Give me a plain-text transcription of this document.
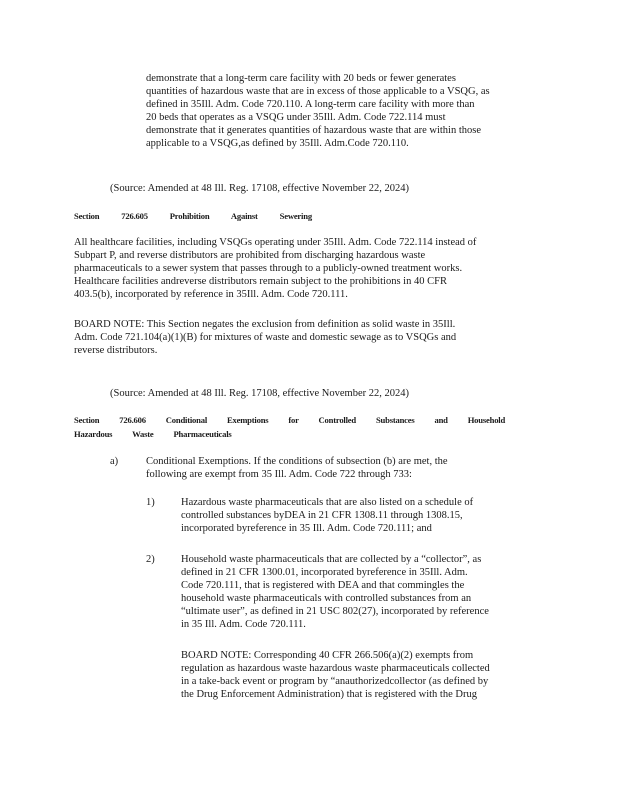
demonstrate that a long-term care facility with 20 beds or fewer generates
quantities of hazardous waste that are in excess of those applicable to a VSQG, as
defined in 35Ill. Adm. Code 720.110. A long-term care facility with more than
20 beds that operates as a VSQG under 35Ill. Adm. Code 722.114 must
demonstrate that it generates quantities of hazardous waste that are within those
applicable to a VSQG,as defined by 35Ill. Adm.Code 720.110.
(Source: Amended at 48 Ill. Reg. 17108, effective November 22, 2024)
Section 726.605 Prohibition Against Sewering
All healthcare facilities, including VSQGs operating under 35Ill. Adm. Code 722.114 instead of
Subpart P, and reverse distributors are prohibited from discharging hazardous waste
pharmaceuticals to a sewer system that passes through to a publicly-owned treatment works.
Healthcare facilities andreverse distributors remain subject to the prohibitions in 40 CFR
403.5(b), incorporated by reference in 35Ill. Adm. Code 720.111.
BOARD NOTE: This Section negates the exclusion from definition as solid waste in 35Ill.
Adm. Code 721.104(a)(1)(B) for mixtures of waste and domestic sewage as to VSQGs and
reverse distributors.
(Source: Amended at 48 Ill. Reg. 17108, effective November 22, 2024)
Section 726.606 Conditional Exemptions for Controlled Substances and Household
Hazardous Waste Pharmaceuticals
a)	Conditional Exemptions. If the conditions of subsection (b) are met, the
following are exempt from 35 Ill. Adm. Code 722 through 733:
1)	Hazardous waste pharmaceuticals that are also listed on a schedule of
controlled substances byDEA in 21 CFR 1308.11 through 1308.15,
incorporated byreference in 35 Ill. Adm. Code 720.111; and
2)	Household waste pharmaceuticals that are collected by a “collector”, as
defined in 21 CFR 1300.01, incorporated byreference in 35Ill. Adm.
Code 720.111, that is registered with DEA and that commingles the
household waste pharmaceuticals with controlled substances from an
“ultimate user”, as defined in 21 USC 802(27), incorporated by reference
in 35 Ill. Adm. Code 720.111.
BOARD NOTE: Corresponding 40 CFR 266.506(a)(2) exempts from
regulation as hazardous waste hazardous waste pharmaceuticals collected
in a take-back event or program by “anauthorizedcollector (as defined by
the Drug Enforcement Administration) that is registered with the Drug
